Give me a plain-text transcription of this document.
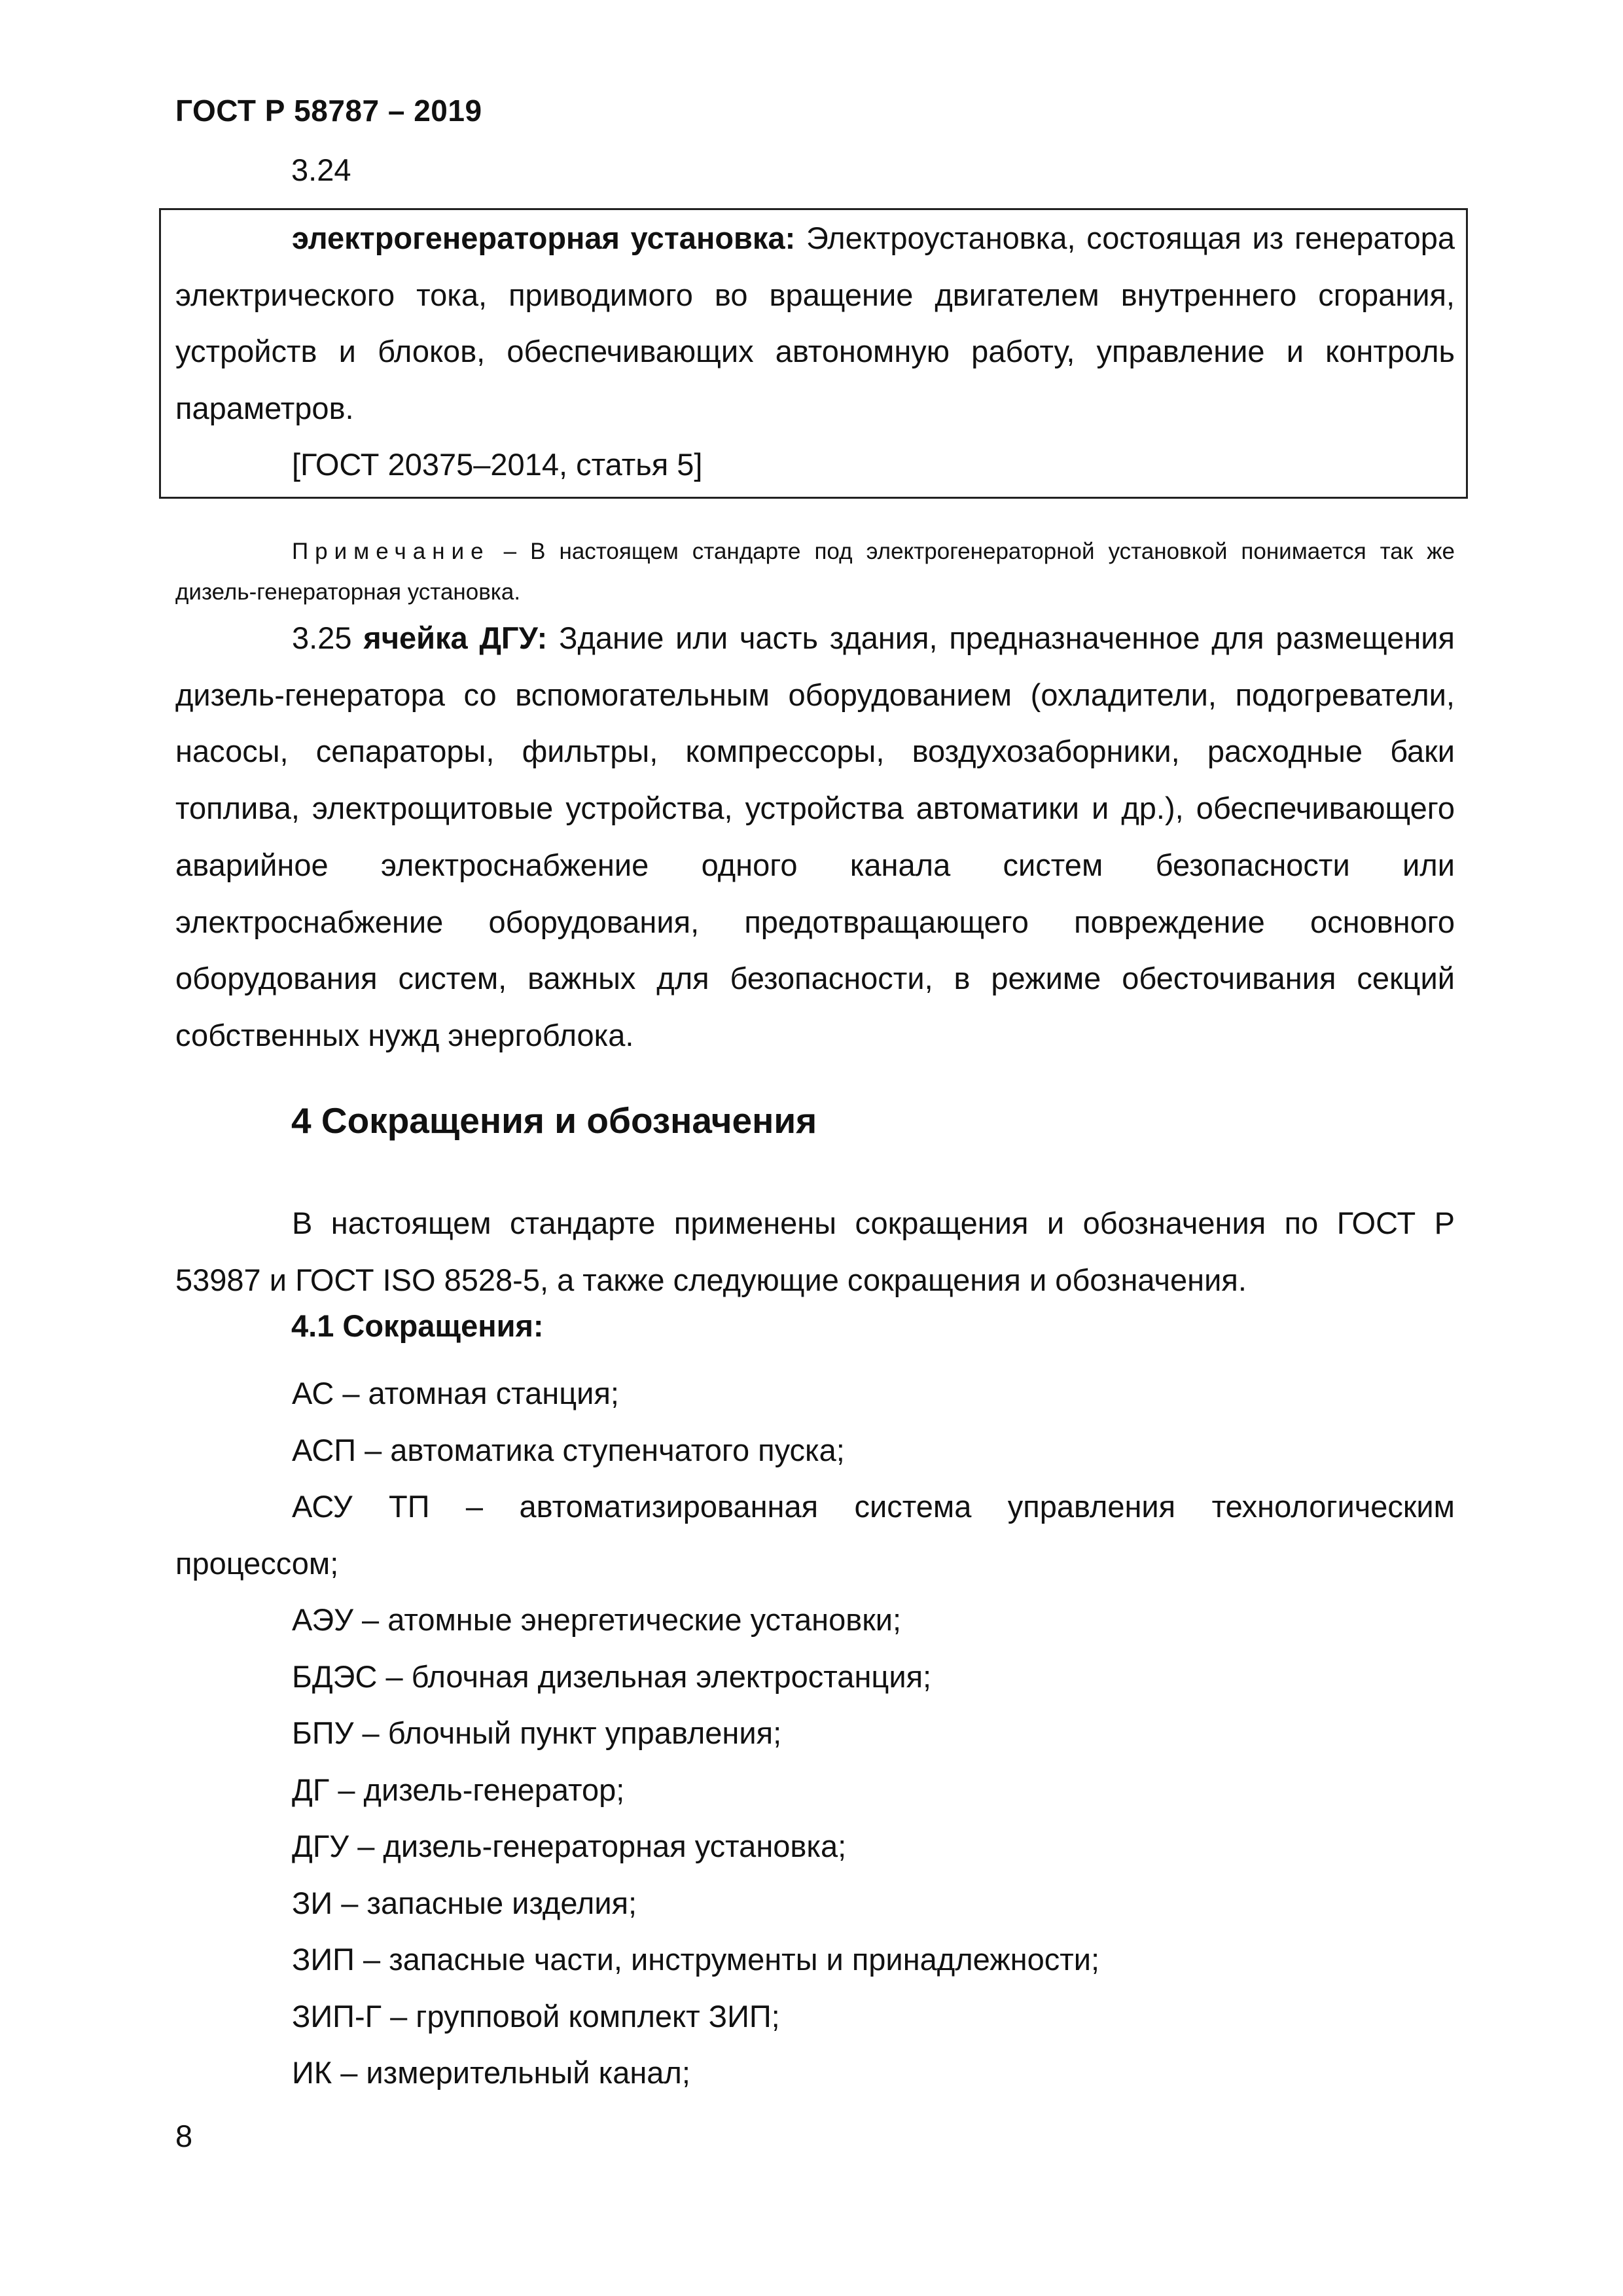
ГОСТ Р 58787 – 2019
3.24

электрогенераторная установка: Электроустановка, состоящая из генератора электрического тока, приводимого во вращение двигателем внутреннего сгорания, устройств и блоков, обеспечивающих автономную работу, управление и контроль параметров.

[ГОСТ 20375–2014, статья 5]

Примечание – В настоящем стандарте под электрогенераторной установкой понимается так же дизель-генераторная установка.

3.25 ячейка ДГУ: Здание или часть здания, предназначенное для размещения дизель-генератора со вспомогательным оборудованием (охладители, подогреватели, насосы, сепараторы, фильтры, компрессоры, воздухозаборники, расходные баки топлива, электрощитовые устройства, устройства автоматики и др.), обеспечивающего аварийное электроснабжение одного канала систем безопасности или электроснабжение оборудования, предотвращающего повреждение основного оборудования систем, важных для безопасности, в режиме обесточивания секций собственных нужд энергоблока.

4 Сокращения и обозначения

В настоящем стандарте применены сокращения и обозначения по ГОСТ Р 53987 и ГОСТ ISO 8528-5, а также следующие сокращения и обозначения.

4.1 Сокращения:
АС – атомная станция;
АСП – автоматика ступенчатого пуска;
АСУ ТП – автоматизированная система управления технологическим процессом;
АЭУ – атомные энергетические установки;
БДЭС – блочная дизельная электростанция;
БПУ – блочный пункт управления;
ДГ – дизель-генератор;
ДГУ – дизель-генераторная установка;
ЗИ – запасные изделия;
ЗИП – запасные части, инструменты и принадлежности;
ЗИП-Г – групповой комплект ЗИП;
ИК – измерительный канал;
8
